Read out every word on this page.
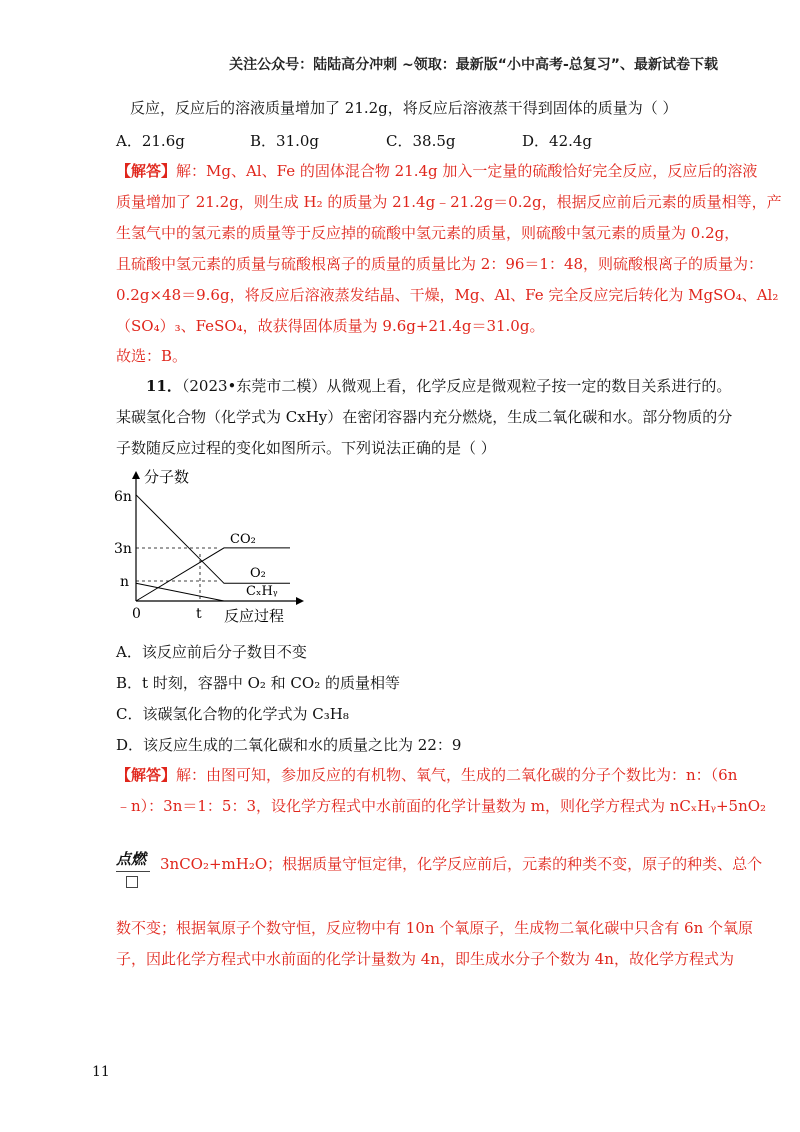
关注公众号：陆陆高分冲刺 ~领取：最新版“小中高考-总复习”、最新试卷下载
反应，反应后的溶液质量增加了 21.2g，将反应后溶液蒸干得到固体的质量为（ ）
A．21.6g	B．31.0g	C．38.5g	D．42.4g
【解答】解：Mg、Al、Fe 的固体混合物 21.4g 加入一定量的硫酸恰好完全反应，反应后的溶液
质量增加了 21.2g，则生成 H₂ 的质量为 21.4g﹣21.2g＝0.2g，根据反应前后元素的质量相等，产
生氢气中的氢元素的质量等于反应掉的硫酸中氢元素的质量，则硫酸中氢元素的质量为 0.2g，
且硫酸中氢元素的质量与硫酸根离子的质量的质量比为 2：96＝1：48，则硫酸根离子的质量为：
0.2g×48＝9.6g，将反应后溶液蒸发结晶、干燥，Mg、Al、Fe 完全反应完后转化为 MgSO₄、Al₂
（SO₄）₃、FeSO₄，故获得固体质量为 9.6g+21.4g＝31.0g。
故选：B。
11．（2023•东莞市二模）从微观上看，化学反应是微观粒子按一定的数目关系进行的。
某碳氢化合物（化学式为 CxHy）在密闭容器内充分燃烧，生成二氧化碳和水。部分物质的分
子数随反应过程的变化如图所示。下列说法正确的是（ ）
分子数
反应过程
6n
3n
n
0	t
CO₂
O₂
CₓHᵧ
A．该反应前后分子数目不变
B．t 时刻，容器中 O₂ 和 CO₂ 的质量相等
C．该碳氢化合物的化学式为 C₃H₈
D．该反应生成的二氧化碳和水的质量之比为 22：9
【解答】解：由图可知，参加反应的有机物、氧气，生成的二氧化碳的分子个数比为：n：（6n
﹣n）：3n＝1：5：3，设化学方程式中水前面的化学计量数为 m，则化学方程式为 nCₓHᵧ+5nO₂
点燃 3nCO₂+mH₂O；根据质量守恒定律，化学反应前后，元素的种类不变，原子的种类、总个
数不变；根据氧原子个数守恒，反应物中有 10n 个氧原子，生成物二氧化碳中只含有 6n 个氧原
子，因此化学方程式中水前面的化学计量数为 4n，即生成水分子个数为 4n，故化学方程式为
11
